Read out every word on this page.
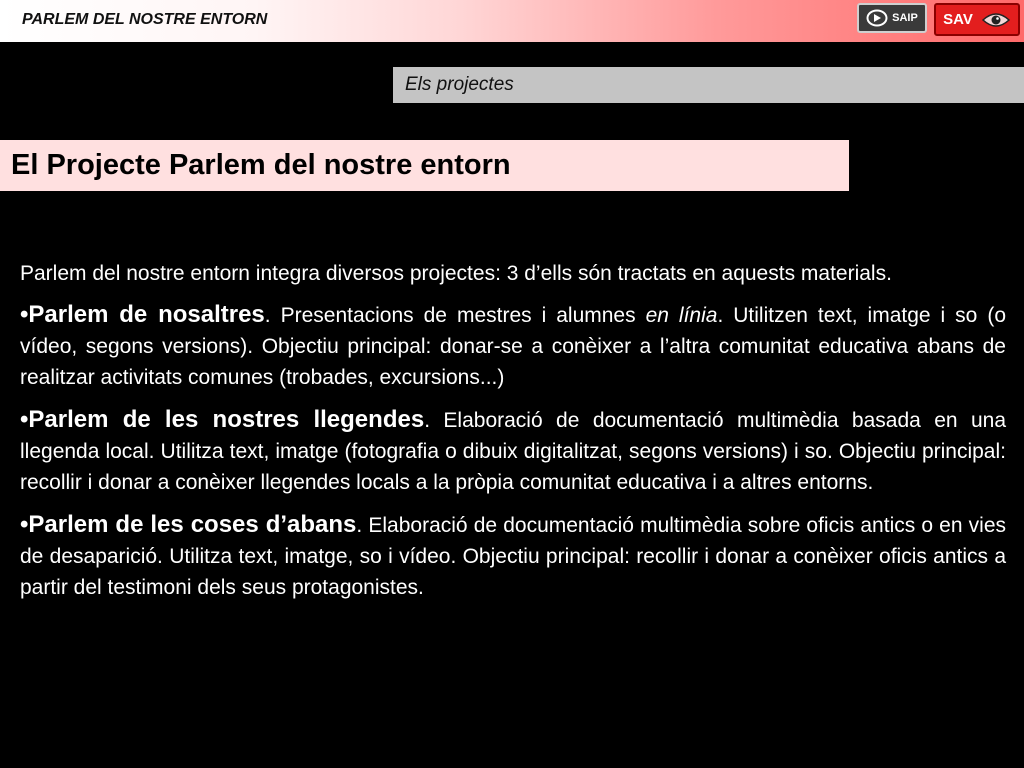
PARLEM DEL NOSTRE ENTORN	SAIP SAV
Els projectes
El Projecte Parlem del nostre entorn

Parlem del nostre entorn integra diversos projectes: 3 d’ells són tractats en aquests materials.

•Parlem de nosaltres. Presentacions de mestres i alumnes en línia. Utilitzen text, imatge i so (o vídeo, segons versions). Objectiu principal: donar-se a conèixer a l’altra comunitat educativa abans de realitzar activitats comunes (trobades, excursions...)

•Parlem de les nostres llegendes. Elaboració de documentació multimèdia basada en una llegenda local. Utilitza text, imatge (fotografia o dibuix digitalitzat, segons versions) i so. Objectiu principal: recollir i donar a conèixer llegendes locals a la pròpia comunitat educativa i a altres entorns.

•Parlem de les coses d’abans. Elaboració de documentació multimèdia sobre oficis antics o en vies de desaparició. Utilitza text, imatge, so i vídeo. Objectiu principal: recollir i donar a conèixer oficis antics a partir del testimoni dels seus protagonistes.
